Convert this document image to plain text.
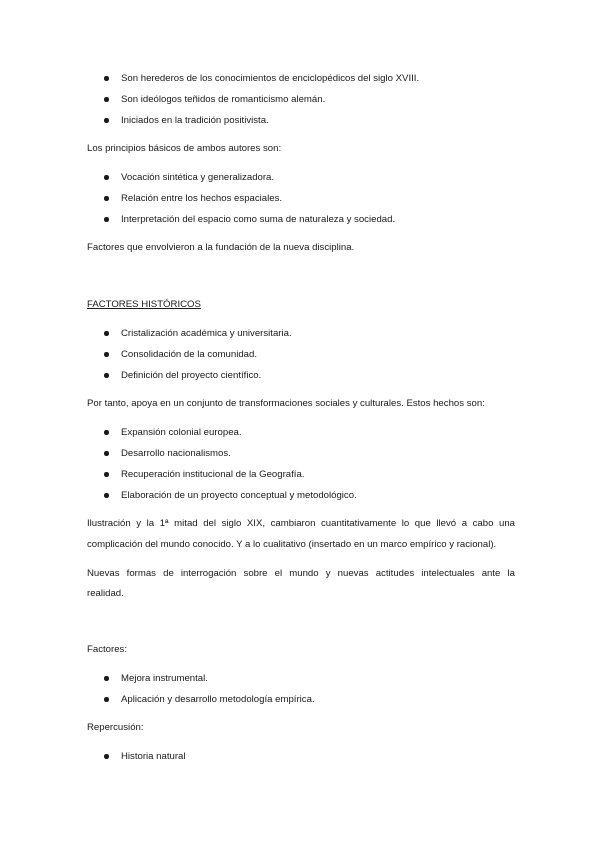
Son herederos de los conocimientos de enciclopédicos del siglo XVIII.
Son ideólogos teñidos de romanticismo alemán.
Iniciados en la tradición positivista.
Los principios básicos de ambos autores son:
Vocación sintética y generalizadora.
Relación entre los hechos espaciales.
Interpretación del espacio como suma de naturaleza y sociedad.
Factores que envolvieron a la fundación de la nueva disciplina.
FACTORES HISTÓRICOS
Cristalización académica y universitaria.
Consolidación de la comunidad.
Definición del proyecto científico.
Por tanto, apoya en un conjunto de transformaciones sociales y culturales. Estos hechos son:
Expansión colonial europea.
Desarrollo nacionalismos.
Recuperación institucional de la Geografía.
Elaboración de un proyecto conceptual y metodológico.
Ilustración y la 1ª mitad del siglo XIX, cambiaron cuantitativamente lo que llevó a cabo una
complicación del mundo conocido. Y a lo cualitativo (insertado en un marco empírico y racional).
Nuevas formas de interrogación sobre el mundo y nuevas actitudes intelectuales ante la
realidad.
Factores:
Mejora instrumental.
Aplicación y desarrollo metodología empírica.
Repercusión:
Historia natural
